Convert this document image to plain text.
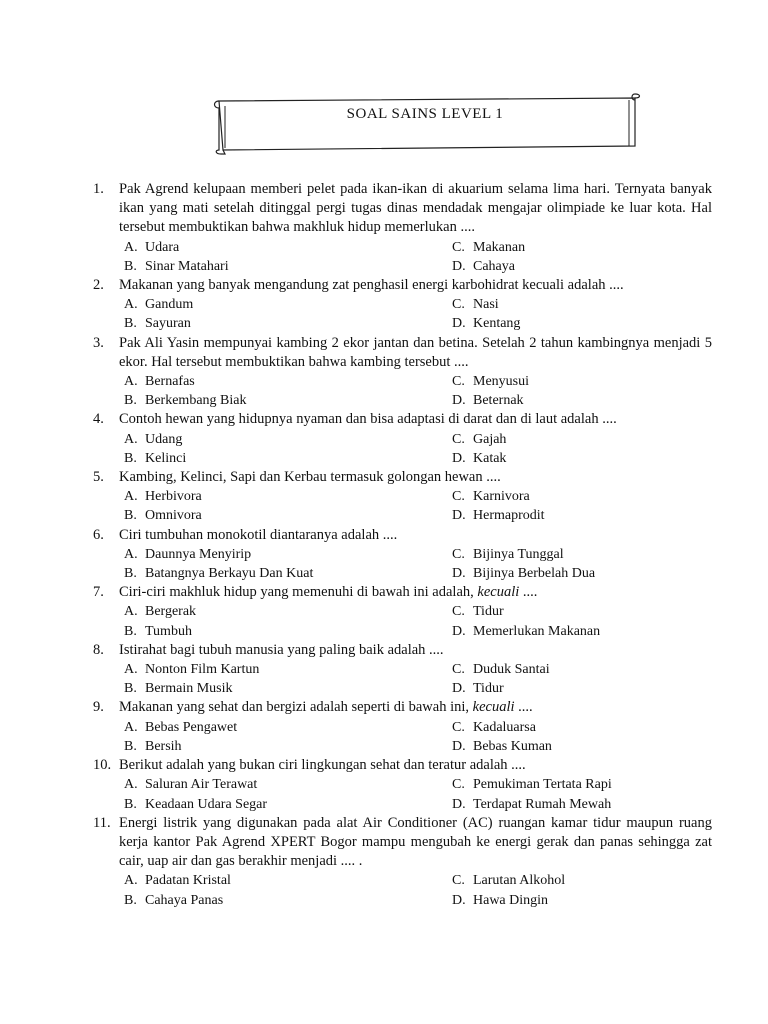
SOAL SAINS LEVEL 1
1. Pak Agrend kelupaan memberi pelet pada ikan-ikan di akuarium selama lima hari. Ternyata banyak ikan yang mati setelah ditinggal pergi tugas dinas mendadak mengajar olimpiade ke luar kota. Hal tersebut membuktikan bahwa makhluk hidup memerlukan ....
A. Udara	C. Makanan
B. Sinar Matahari	D. Cahaya
2. Makanan yang banyak mengandung zat penghasil energi karbohidrat kecuali adalah ....
A. Gandum	C. Nasi
B. Sayuran	D. Kentang
3. Pak Ali Yasin mempunyai kambing 2 ekor jantan dan betina. Setelah 2 tahun kambingnya menjadi 5 ekor. Hal tersebut membuktikan bahwa kambing tersebut ....
A. Bernafas	C. Menyusui
B. Berkembang Biak	D. Beternak
4. Contoh hewan yang hidupnya nyaman dan bisa adaptasi di darat dan di laut adalah ....
A. Udang	C. Gajah
B. Kelinci	D. Katak
5. Kambing, Kelinci, Sapi dan Kerbau termasuk golongan hewan ....
A. Herbivora	C. Karnivora
B. Omnivora	D. Hermaprodit
6. Ciri tumbuhan monokotil diantaranya adalah ....
A. Daunnya Menyirip	C. Bijinya Tunggal
B. Batangnya Berkayu Dan Kuat	D. Bijinya Berbelah Dua
7. Ciri-ciri makhluk hidup yang memenuhi di bawah ini adalah, kecuali ....
A. Bergerak	C. Tidur
B. Tumbuh	D. Memerlukan Makanan
8. Istirahat bagi tubuh manusia yang paling baik adalah ....
A. Nonton Film Kartun	C. Duduk Santai
B. Bermain Musik	D. Tidur
9. Makanan yang sehat dan bergizi adalah seperti di bawah ini, kecuali ....
A. Bebas Pengawet	C. Kadaluarsa
B. Bersih	D. Bebas Kuman
10. Berikut adalah yang bukan ciri lingkungan sehat dan teratur adalah ....
A. Saluran Air Terawat	C. Pemukiman Tertata Rapi
B. Keadaan Udara Segar	D. Terdapat Rumah Mewah
11. Energi listrik yang digunakan pada alat Air Conditioner (AC) ruangan kamar tidur maupun ruang kerja kantor Pak Agrend XPERT Bogor mampu mengubah ke energi gerak dan panas sehingga zat cair, uap air dan gas berakhir menjadi .... .
A. Padatan Kristal	C. Larutan Alkohol
B. Cahaya Panas	D. Hawa Dingin
